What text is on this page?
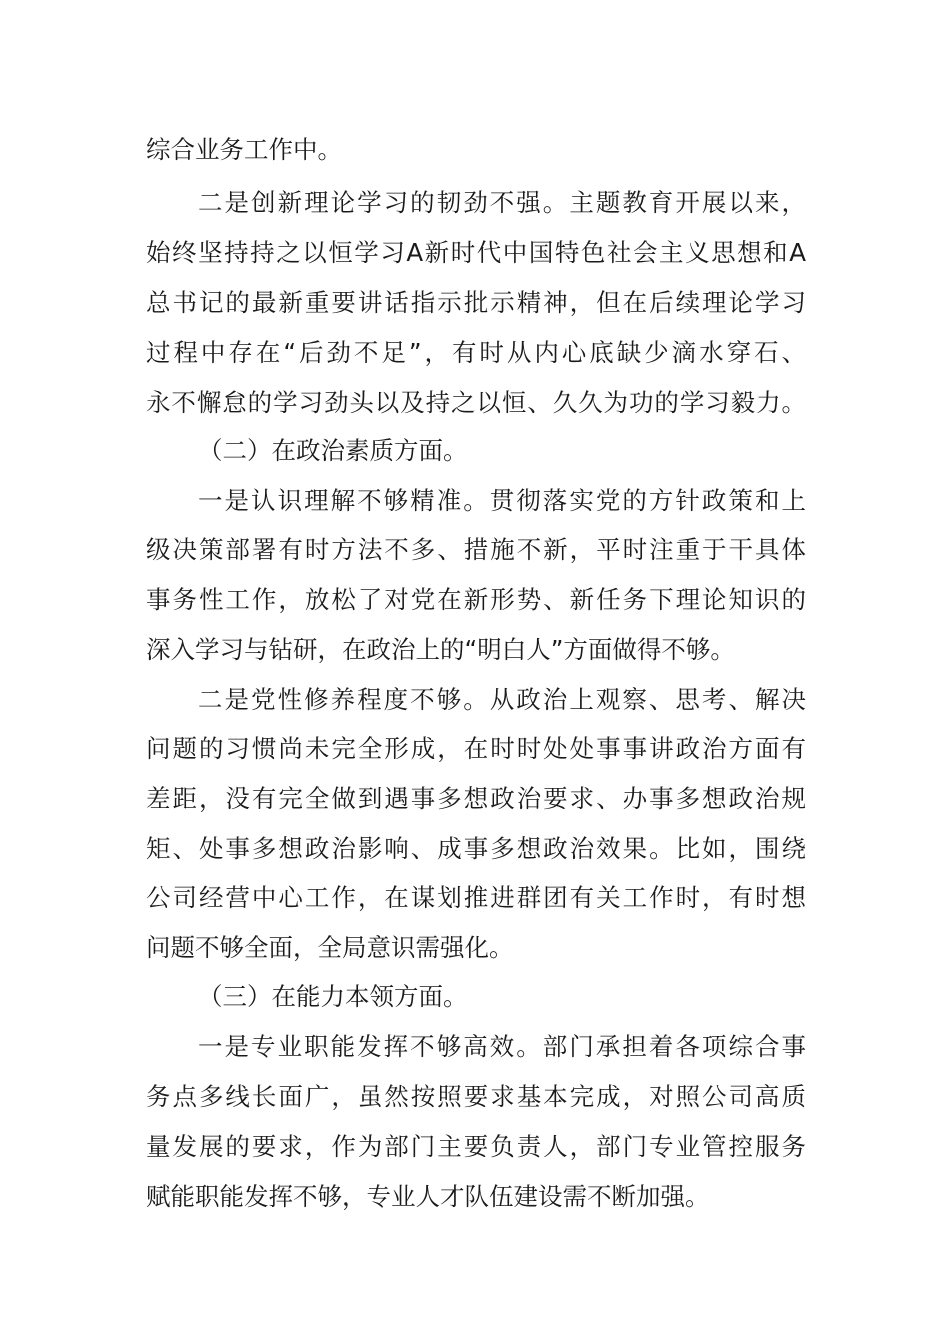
综合业务工作中。
二是创新理论学习的韧劲不强。主题教育开展以来，
始终坚持持之以恒学习A新时代中国特色社会主义思想和A
总书记的最新重要讲话指示批示精神，但在后续理论学习
过程中存在“后劲不足”，有时从内心底缺少滴水穿石、
永不懈怠的学习劲头以及持之以恒、久久为功的学习毅力。
（二）在政治素质方面。
一是认识理解不够精准。贯彻落实党的方针政策和上
级决策部署有时方法不多、措施不新，平时注重于干具体
事务性工作，放松了对党在新形势、新任务下理论知识的
深入学习与钻研，在政治上的“明白人”方面做得不够。
二是党性修养程度不够。从政治上观察、思考、解决
问题的习惯尚未完全形成，在时时处处事事讲政治方面有
差距，没有完全做到遇事多想政治要求、办事多想政治规
矩、处事多想政治影响、成事多想政治效果。比如，围绕
公司经营中心工作，在谋划推进群团有关工作时，有时想
问题不够全面，全局意识需强化。
（三）在能力本领方面。
一是专业职能发挥不够高效。部门承担着各项综合事
务点多线长面广，虽然按照要求基本完成，对照公司高质
量发展的要求，作为部门主要负责人，部门专业管控服务
赋能职能发挥不够，专业人才队伍建设需不断加强。
